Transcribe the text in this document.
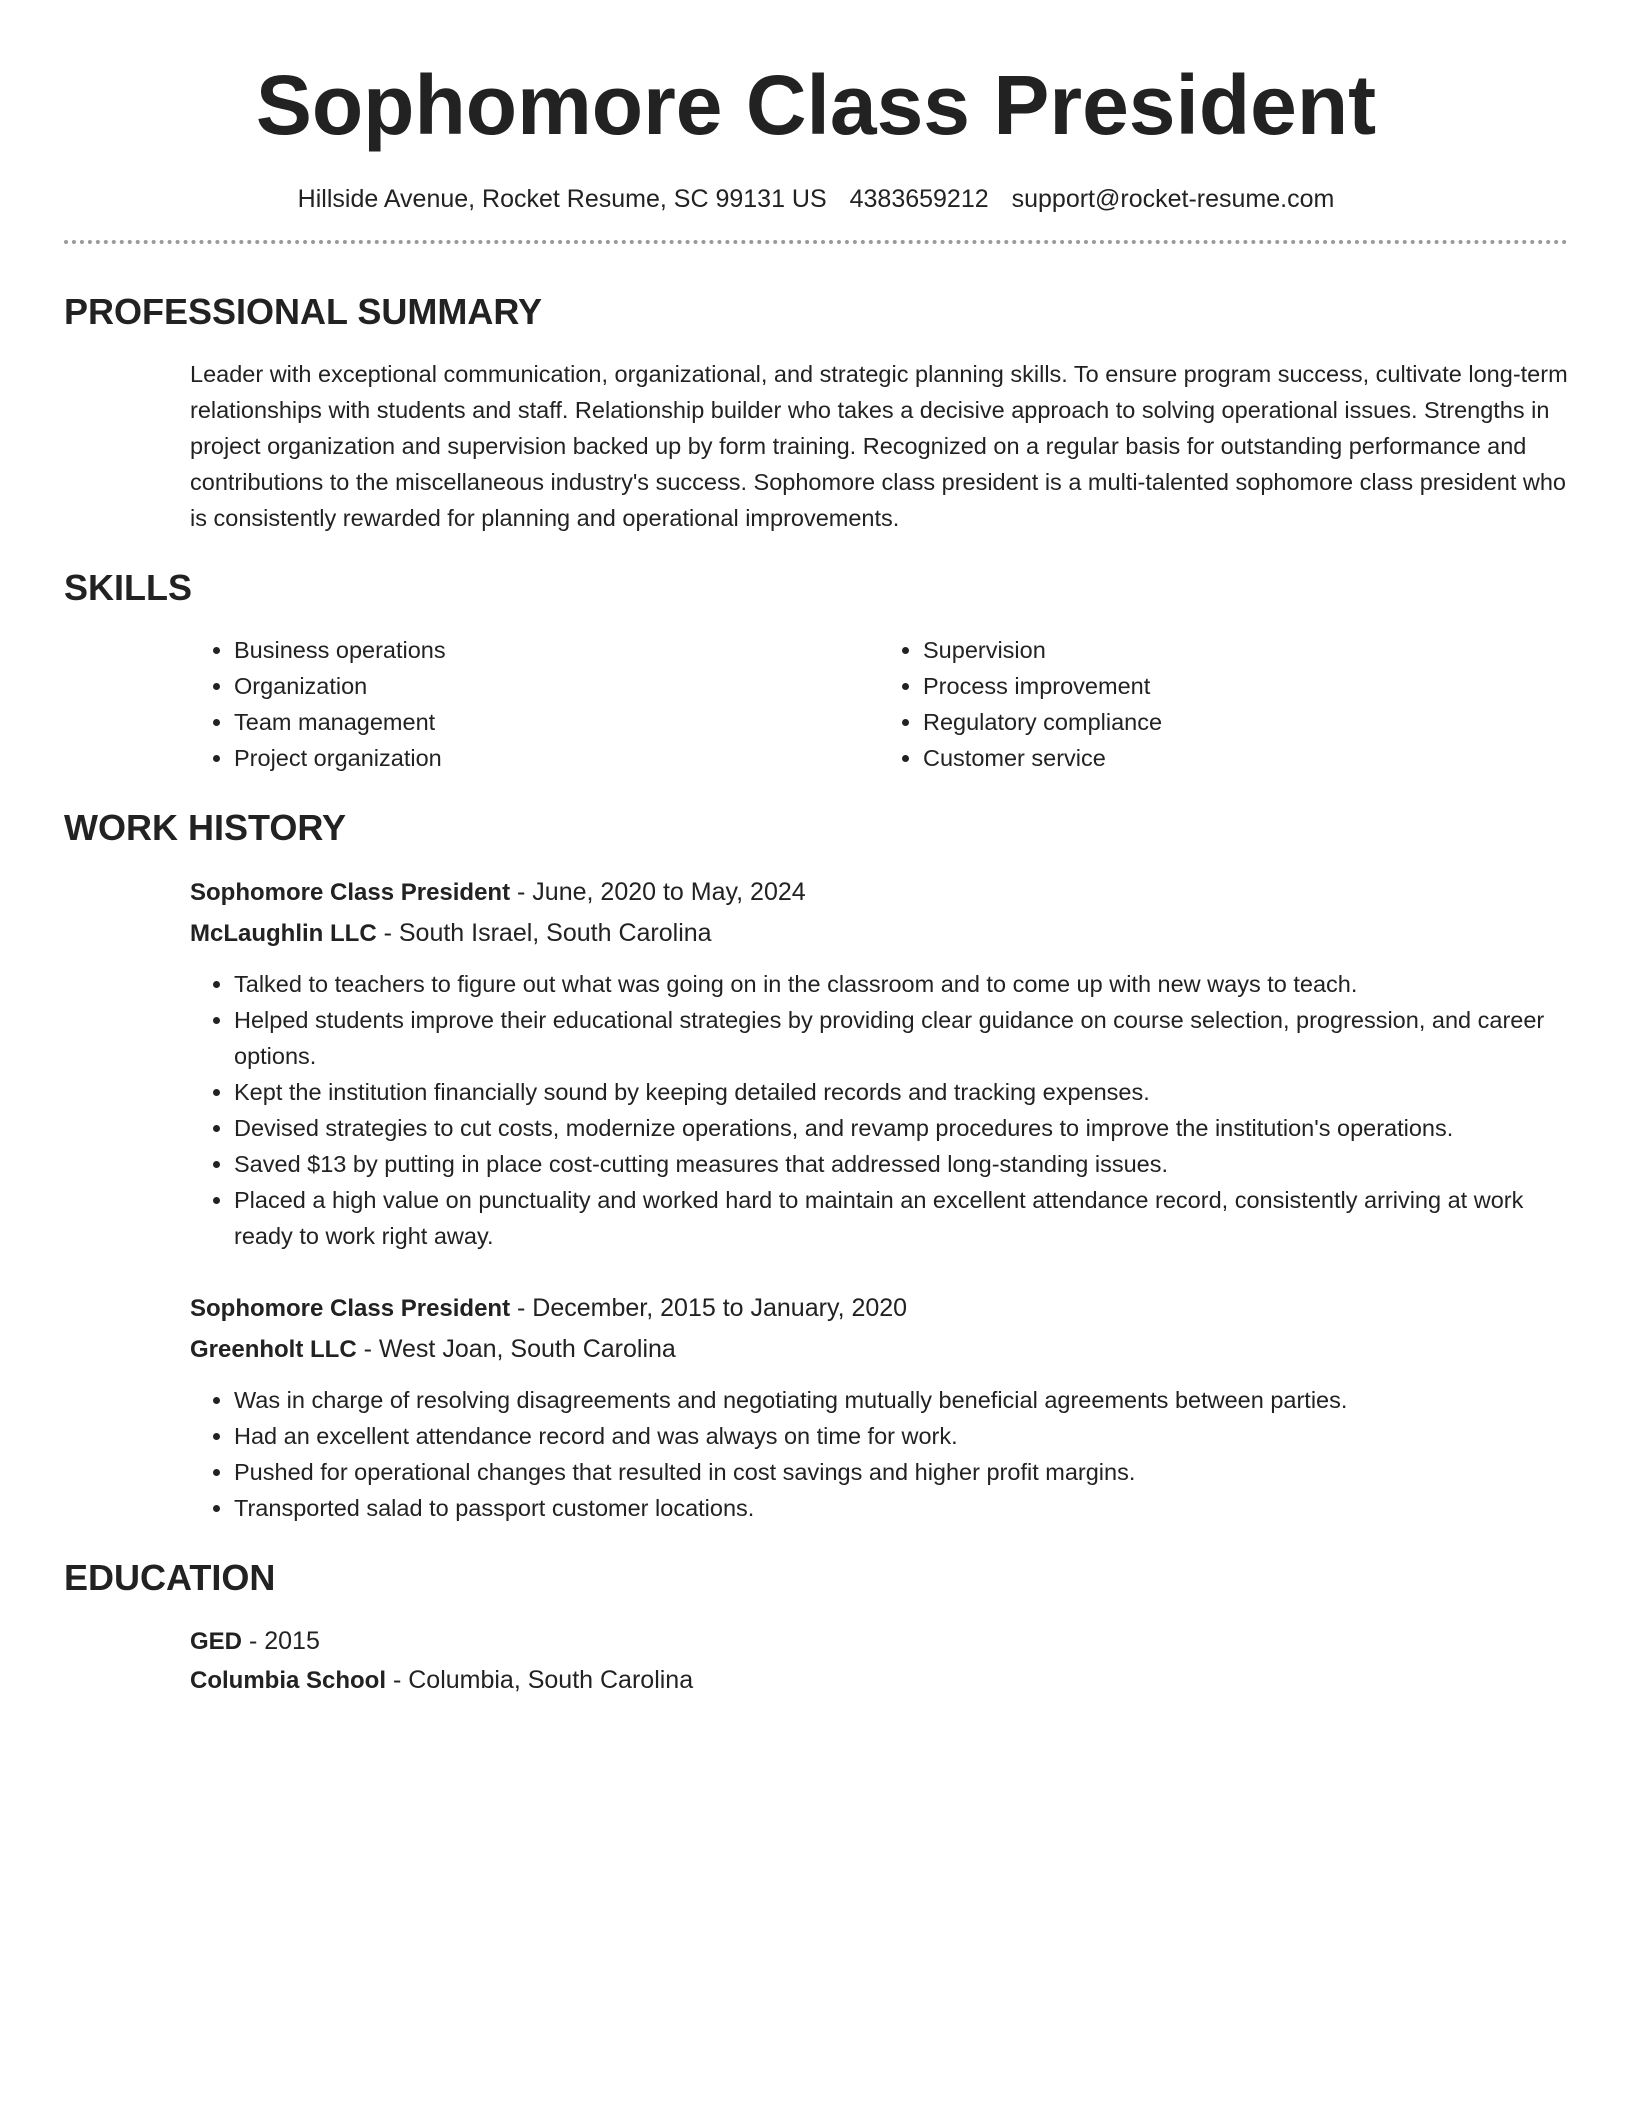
Sophomore Class President
Hillside Avenue, Rocket Resume, SC 99131 US 4383659212 support@rocket-resume.com
PROFESSIONAL SUMMARY

Leader with exceptional communication, organizational, and strategic planning skills. To ensure program success, cultivate long-term relationships with students and staff. Relationship builder who takes a decisive approach to solving operational issues. Strengths in project organization and supervision backed up by form training. Recognized on a regular basis for outstanding performance and contributions to the miscellaneous industry's success. Sophomore class president is a multi-talented sophomore class president who is consistently rewarded for planning and operational improvements.

SKILLS
• Business operations
• Organization
• Team management
• Project organization
• Supervision
• Process improvement
• Regulatory compliance
• Customer service
WORK HISTORY
Sophomore Class President - June, 2020 to May, 2024
McLaughlin LLC - South Israel, South Carolina
• Talked to teachers to figure out what was going on in the classroom and to come up with new ways to teach.
• Helped students improve their educational strategies by providing clear guidance on course selection, progression, and career options.
• Kept the institution financially sound by keeping detailed records and tracking expenses.
• Devised strategies to cut costs, modernize operations, and revamp procedures to improve the institution's operations.
• Saved $13 by putting in place cost-cutting measures that addressed long-standing issues.
• Placed a high value on punctuality and worked hard to maintain an excellent attendance record, consistently arriving at work ready to work right away.
Sophomore Class President - December, 2015 to January, 2020
Greenholt LLC - West Joan, South Carolina
• Was in charge of resolving disagreements and negotiating mutually beneficial agreements between parties.
• Had an excellent attendance record and was always on time for work.
• Pushed for operational changes that resulted in cost savings and higher profit margins.
• Transported salad to passport customer locations.
EDUCATION
GED - 2015
Columbia School - Columbia, South Carolina
